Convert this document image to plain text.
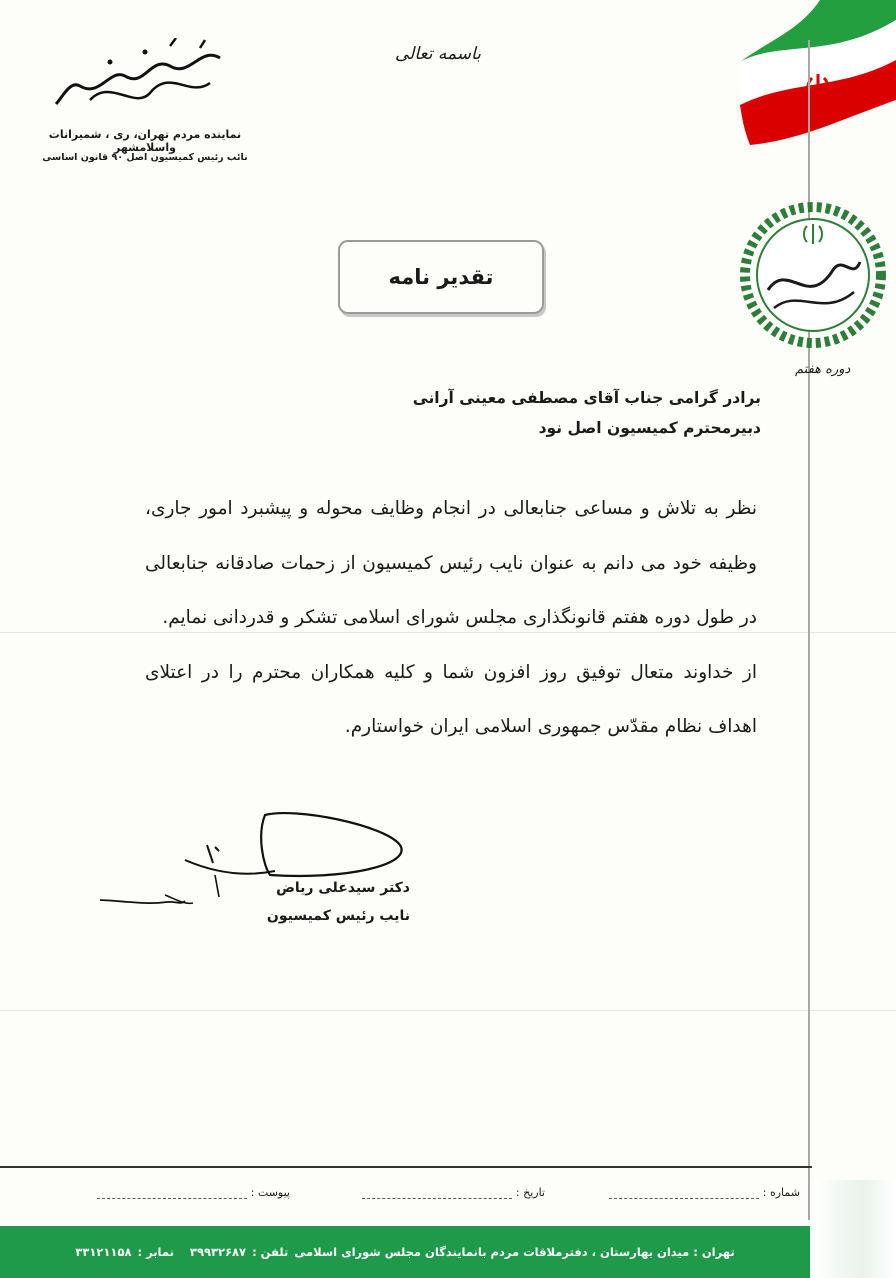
نماینده مردم تهران، ری ، شمیرانات واسلامشهر
نائب رئیس کمیسیون اصل ۹۰ قانون اساسی
باسمه تعالی
دوره هفتم
تقدیر نامه
برادر گرامی جناب آقای مصطفی معینی آرانی
دبیرمحترم کمیسیون اصل نود

نظر به تلاش و مساعی جنابعالی در انجام وظایف محوله و پیشبرد امور جاری، وظیفه خود می دانم به عنوان نایب رئیس کمیسیون از زحمات صادقانه جنابعالی در طول دوره هفتم قانونگذاری مجلس شورای اسلامی تشکر و قدردانی نمایم.

از خداوند متعال توفیق روز افزون شما و کلیه همکاران محترم را در اعتلای اهداف نظام مقدّس جمهوری اسلامی ایران خواستارم.

دکتر سیدعلی ریاض
نایب رئیس کمیسیون
شماره :
تاریخ :
پیوست :
تهران : میدان بهارستان ، دفترملاقات مردم بانمایندگان مجلس شورای اسلامی
تلفن :
۳۹۹۳۲۶۸۷

نمابر :
۳۳۱۲۱۱۵۸
